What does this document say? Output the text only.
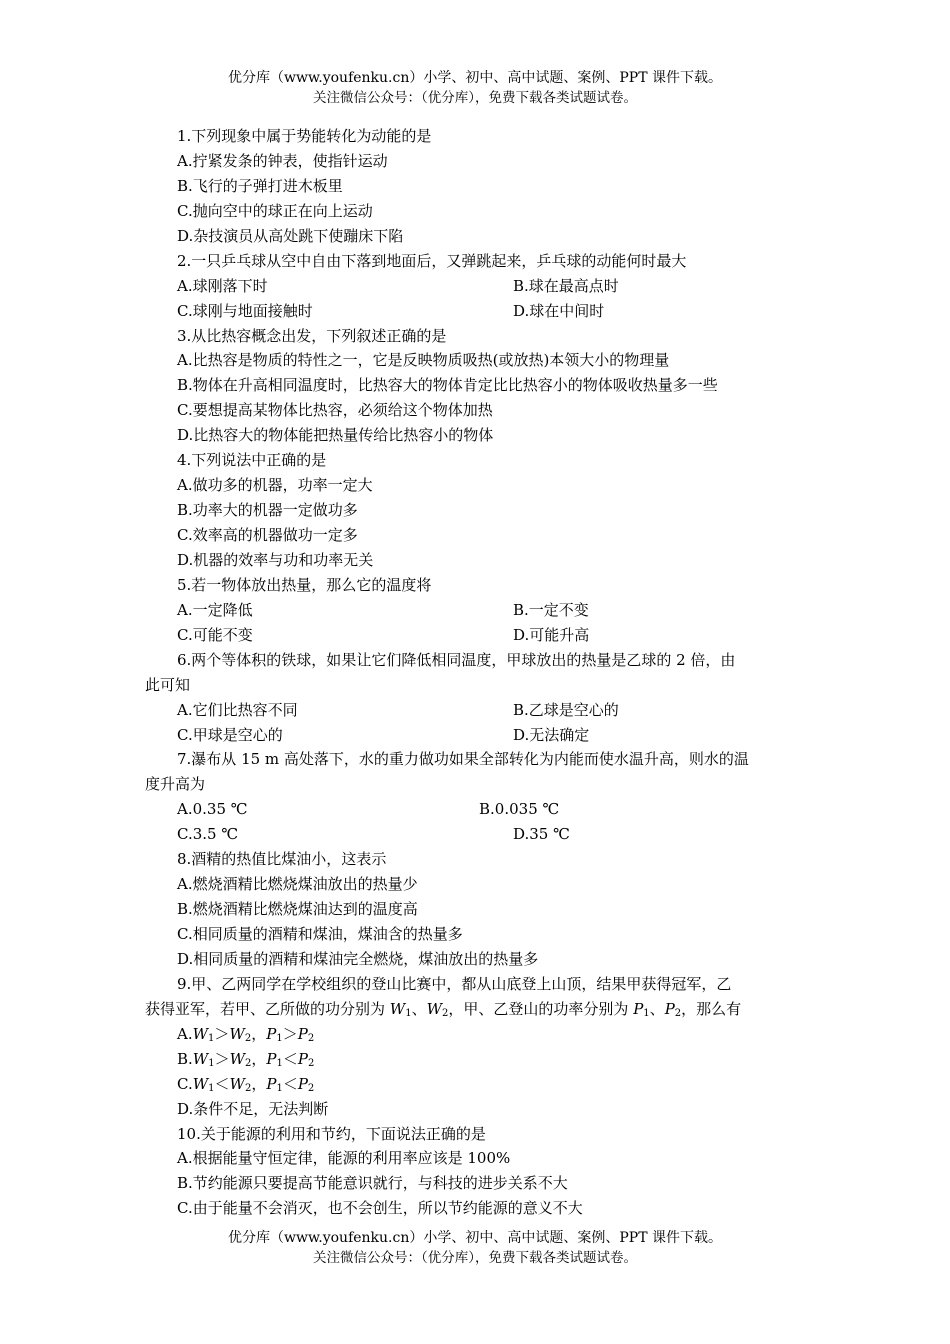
优分库（www.youfenku.cn）小学、初中、高中试题、案例、PPT 课件下载。
关注微信公众号：（优分库），免费下载各类试题试卷。
1.下列现象中属于势能转化为动能的是
A.拧紧发条的钟表，使指针运动
B.飞行的子弹打进木板里
C.抛向空中的球正在向上运动
D.杂技演员从高处跳下使蹦床下陷
2.一只乒乓球从空中自由下落到地面后，又弹跳起来，乒乓球的动能何时最大
A.球刚落下时	B.球在最高点时
C.球刚与地面接触时	D.球在中间时
3.从比热容概念出发，下列叙述正确的是
A.比热容是物质的特性之一，它是反映物质吸热(或放热)本领大小的物理量
B.物体在升高相同温度时，比热容大的物体肯定比比热容小的物体吸收热量多一些
C.要想提高某物体比热容，必须给这个物体加热
D.比热容大的物体能把热量传给比热容小的物体
4.下列说法中正确的是
A.做功多的机器，功率一定大
B.功率大的机器一定做功多
C.效率高的机器做功一定多
D.机器的效率与功和功率无关
5.若一物体放出热量，那么它的温度将
A.一定降低	B.一定不变
C.可能不变	D.可能升高
6.两个等体积的铁球，如果让它们降低相同温度，甲球放出的热量是乙球的 2 倍，由
此可知
A.它们比热容不同	B.乙球是空心的
C.甲球是空心的	D.无法确定
7.瀑布从 15 m 高处落下，水的重力做功如果全部转化为内能而使水温升高，则水的温
度升高为
A.0.35 ℃	B.0.035 ℃
C.3.5 ℃	D.35 ℃
8.酒精的热值比煤油小，这表示
A.燃烧酒精比燃烧煤油放出的热量少
B.燃烧酒精比燃烧煤油达到的温度高
C.相同质量的酒精和煤油，煤油含的热量多
D.相同质量的酒精和煤油完全燃烧，煤油放出的热量多
9.甲、乙两同学在学校组织的登山比赛中，都从山底登上山顶，结果甲获得冠军，乙
获得亚军，若甲、乙所做的功分别为 $W_1$、$W_2$，甲、乙登山的功率分别为 $P_1$、$P_2$，那么有
$A.W_1>W_2$，$P_1>P_2$
$B.W_1>W_2$，$P_1<P_2$
$C.W_1<W_2$，$P_1<P_2$
D.条件不足，无法判断
10.关于能源的利用和节约，下面说法正确的是
A.根据能量守恒定律，能源的利用率应该是 100%
B.节约能源只要提高节能意识就行，与科技的进步关系不大
C.由于能量不会消灭，也不会创生，所以节约能源的意义不大
优分库（www.youfenku.cn）小学、初中、高中试题、案例、PPT 课件下载。
关注微信公众号：（优分库），免费下载各类试题试卷。
